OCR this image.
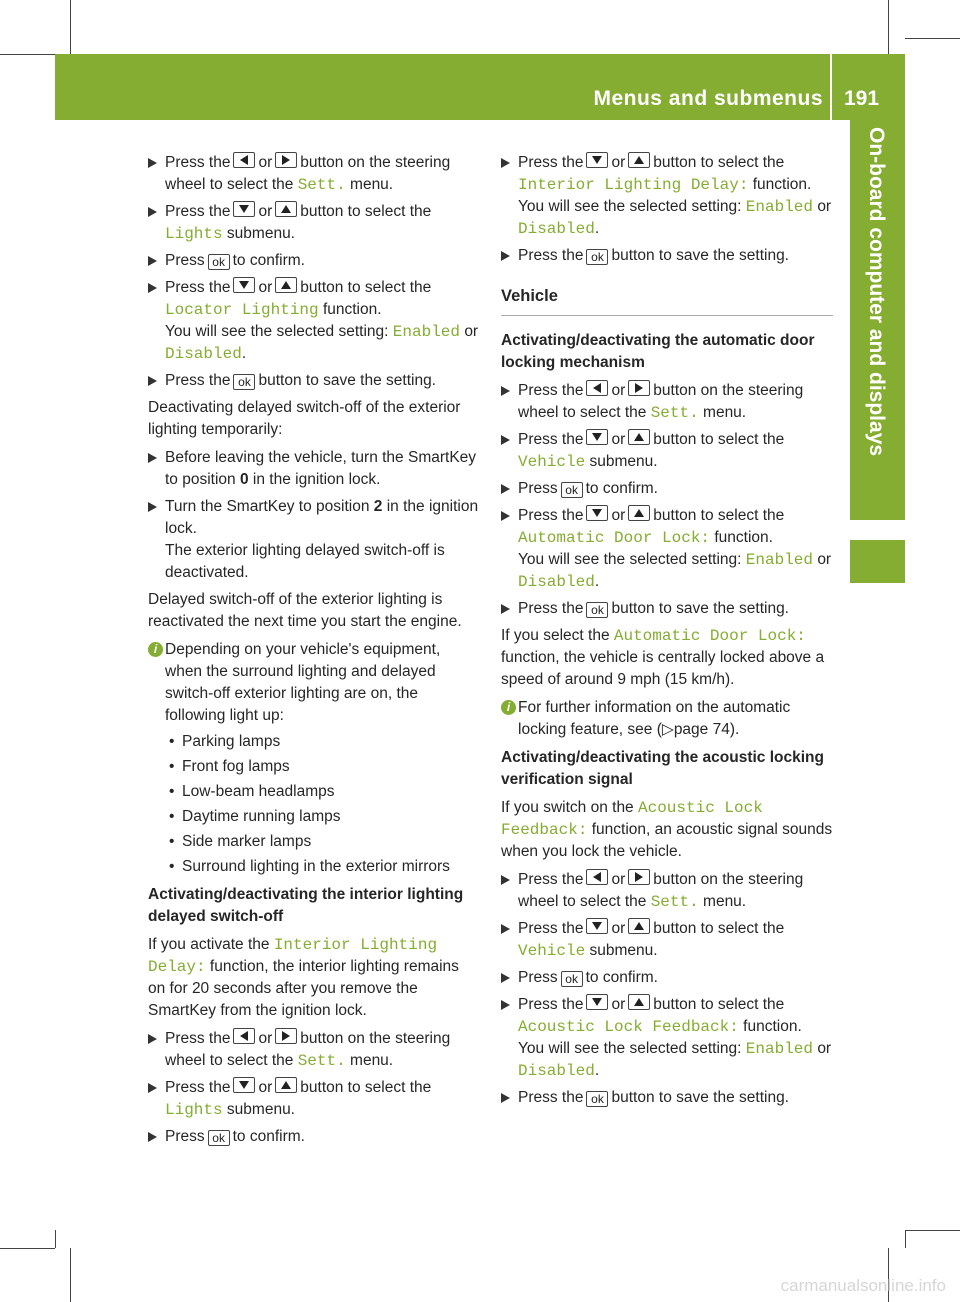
Menus and submenus 191
On-board computer and displays
Press the or button on the steering wheel to select the Sett. menu.
Press the or button to select the Lights submenu.
Press ok to confirm.
Press the or button to select the Locator Lighting function.
You will see the selected setting: Enabled or Disabled.
Press the ok button to save the setting.

Deactivating delayed switch-off of the exterior lighting temporarily:

Before leaving the vehicle, turn the SmartKey to position 0 in the ignition lock.
Turn the SmartKey to position 2 in the ignition lock.
The exterior lighting delayed switch-off is deactivated.

Delayed switch-off of the exterior lighting is reactivated the next time you start the engine.

i Depending on your vehicle's equipment, when the surround lighting and delayed switch-off exterior lighting are on, the following light up:
• Parking lamps
• Front fog lamps
• Low-beam headlamps
• Daytime running lamps
• Side marker lamps
• Surround lighting in the exterior mirrors
Activating/deactivating the interior lighting delayed switch-off

If you activate the Interior Lighting Delay: function, the interior lighting remains on for 20 seconds after you remove the SmartKey from the ignition lock.

Press the or button on the steering wheel to select the Sett. menu.
Press the or button to select the Lights submenu.
Press ok to confirm.
Press the or button to select the Interior Lighting Delay: function.
You will see the selected setting: Enabled or Disabled.
Press the ok button to save the setting.
Vehicle
Activating/deactivating the automatic door locking mechanism
Press the or button on the steering wheel to select the Sett. menu.
Press the or button to select the Vehicle submenu.
Press ok to confirm.
Press the or button to select the Automatic Door Lock: function.
You will see the selected setting: Enabled or Disabled.
Press the ok button to save the setting.

If you select the Automatic Door Lock: function, the vehicle is centrally locked above a speed of around 9 mph (15 km/h).

i For further information on the automatic locking feature, see (▷page 74).
Activating/deactivating the acoustic locking verification signal

If you switch on the Acoustic Lock Feedback: function, an acoustic signal sounds when you lock the vehicle.

Press the or button on the steering wheel to select the Sett. menu.
Press the or button to select the Vehicle submenu.
Press ok to confirm.
Press the or button to select the Acoustic Lock Feedback: function.
You will see the selected setting: Enabled or Disabled.
Press the ok button to save the setting.
carmanualsonline.info
